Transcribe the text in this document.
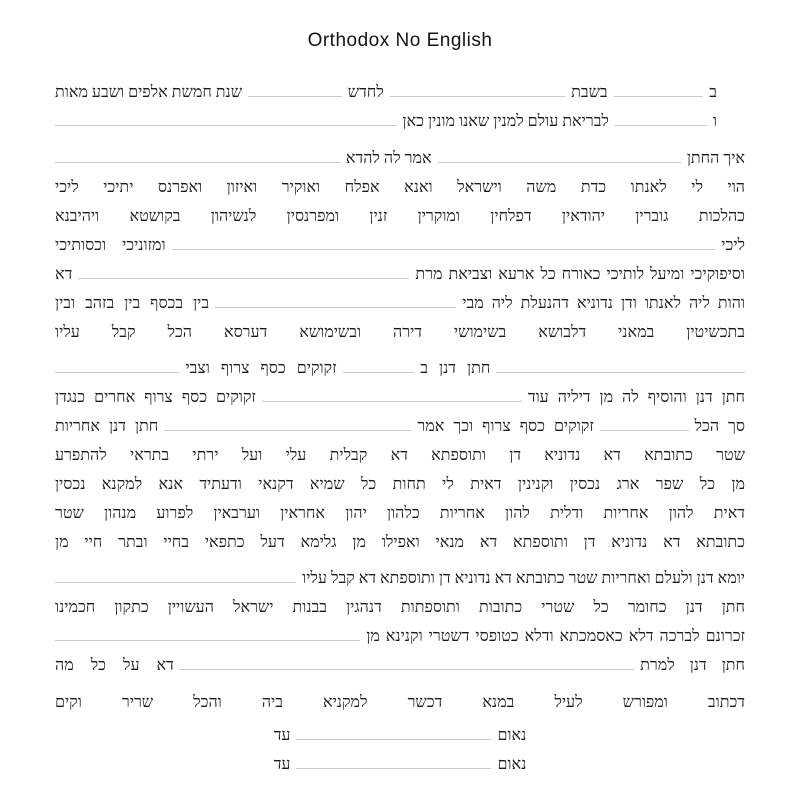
Orthodox No English
ב
בשבת
לחדש
שנת חמשת אלפים ושבע מאות
ו
לבריאת עולם למנין שאנו מונין כאן
איך החתן
אמר לה להדא
הוי לי לאנתו כדת משה וישראל ואנא אפלח ואוקיר ואיזון ואפרנס יתיכי ליכי
כהלכות גוברין יהודאין דפלחין ומוקרין זנין ומפרנסין לנשיהון בקושטא ויהיבנא
ליכי
ומזוניכי וכסותיכי
וסיפוקיכי ומיעל לותיכי כאורח כל ארעא וצביאת מרת
דא
והות ליה לאנתו ודן נדוניא דהנעלת ליה מבי
בין בכסף בין בזהב ובין
בתכשיטין במאני דלבושא בשימושי דירה ובשימושא דערסא הכל קבל עליו
חתן דנן ב
זקוקים כסף צרוף וצבי
חתן דנן והוסיף לה מן דיליה עוד
זקוקים כסף צרוף אחרים כנגדן
סך הכל
זקוקים כסף צרוף וכך אמר
חתן דנן אחריות
שטר כתובתא דא נדוניא דן ותוספתא דא קבלית עלי ועל ירתי בתראי להתפרע
מן כל שפר ארג נכסין וקנינין דאית לי תחות כל שמיא דקנאי ודעתיד אנא למקנא נכסין
דאית להון אחריות ודלית להון אחריות כלהון יהון אחראין וערבאין לפרוע מנהון שטר
כתובתא דא נדוניא דן ותוספתא דא מנאי ואפילו מן גלימא דעל כתפאי בחיי ובתר חיי מן
יומא דנן ולעלם ואחריות שטר כתובתא דא נדוניא דן ותוספתא דא קבל עליו
חתן דנן כחומר כל שטרי כתובות ותוספתות דנהגין בבנות ישראל העשויין כתקון חכמינו
זכרונם לברכה דלא כאסמכתא ודלא כטופסי דשטרי וקנינא מן
חתן דנן למרת
דא על כל מה
דכתוב ומפורש לעיל במנא דכשר למקניא ביה והכל שריר וקים
נאום
עד
נאום
עד
